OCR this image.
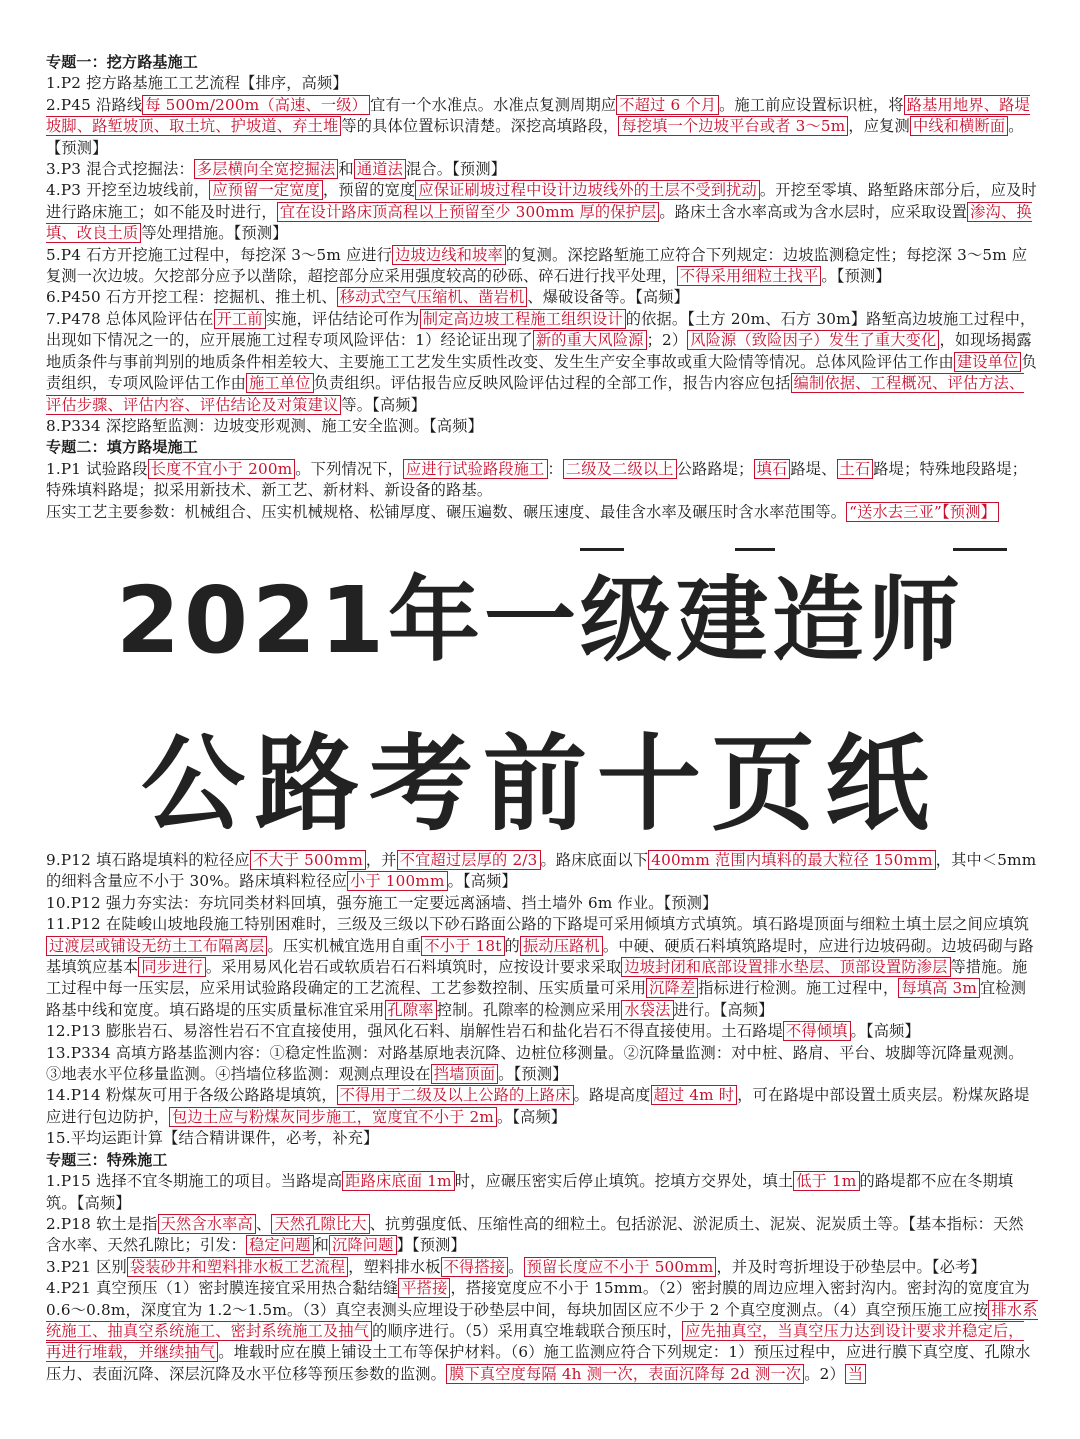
专题一：挖方路基施工

1.P2 挖方路基施工工艺流程【排序，高频】

2.P45 沿路线 每 500m/200m（高速、一级） 宜有一个水准点。水准点复测周期应 不超过 6 个月 。施工前应设置标识桩，将 路基用地界、路堤坡脚、路堑坡顶、取土坑、护坡道、弃土堆 等的具体位置标识清楚。深挖高填路段， 每挖填一个边坡平台或者 3～5m ，应复测 中线和横断面 。【预测】

3.P3 混合式挖掘法： 多层横向全宽挖掘法 和 通道法 混合。【预测】

4.P3 开挖至边坡线前， 应预留一定宽度 ，预留的宽度 应保证刷坡过程中设计边坡线外的土层不受到扰动 。开挖至零填、路堑路床部分后，应及时进行路床施工；如不能及时进行， 宜在设计路床顶高程以上预留至少 300mm 厚的保护层 。路床土含水率高或为含水层时，应采取设置 渗沟、换填、改良土质 等处理措施。【预测】

5.P4 石方开挖施工过程中，每挖深 3～5m 应进行 边坡边线和坡率 的复测。深挖路堑施工应符合下列规定：边坡监测稳定性；每挖深 3～5m 应复测一次边坡。欠挖部分应予以凿除，超挖部分应采用强度较高的砂砾、碎石进行找平处理， 不得采用细粒土找平 。【预测】

6.P450 石方开挖工程：挖掘机、推土机、 移动式空气压缩机、凿岩机 、爆破设备等。【高频】

7.P478 总体风险评估在 开工前 实施，评估结论可作为 制定高边坡工程施工组织设计 的依据。【土方 20m、石方 30m】路堑高边坡施工过程中，出现如下情况之一的，应开展施工过程专项风险评估：1）经论证出现了 新的重大风险源 ；2） 风险源（致险因子）发生了重大变化 ，如现场揭露地质条件与事前判别的地质条件相差较大、主要施工工艺发生实质性改变、发生生产安全事故或重大险情等情况。总体风险评估工作由 建设单位 负责组织，专项风险评估工作由 施工单位 负责组织。评估报告应反映风险评估过程的全部工作，报告内容应包括 编制依据、工程概况、评估方法、评估步骤、评估内容、评估结论及对策建议 等。【高频】

8.P334 深挖路堑监测：边坡变形观测、施工安全监测。【高频】

专题二：填方路堤施工

1.P1 试验路段 长度不宜小于 200m 。下列情况下， 应进行试验路段施工 ： 二级及二级以上 公路路堤； 填石 路堤、 土石 路堤；特殊地段路堤；特殊填料路堤；拟采用新技术、新工艺、新材料、新设备的路基。

压实工艺主要参数：机械组合、压实机械规格、松铺厚度、碾压遍数、碾压速度、最佳含水率及碾压时含水率范围等。 “送水去三亚”【预测】

2021年一级建造师
公路考前十页纸

9.P12 填石路堤填料的粒径应 不大于 500mm ，并 不宜超过层厚的 2/3 。路床底面以下 400mm 范围内填料的最大粒径 150mm ，其中＜5mm 的细料含量应不小于 30%。路床填料粒径应 小于 100mm 。【高频】

10.P12 强力夯实法：夯坑同类材料回填，强夯施工一定要远离涵墙、挡土墙外 6m 作业。【预测】

11.P12 在陡峻山坡地段施工特别困难时，三级及三级以下砂石路面公路的下路堤可采用倾填方式填筑。填石路堤顶面与细粒土填土层之间应填筑过渡层或铺设无纺土工布隔离层 。压实机械宜选用自重 不小于 18t 的 振动压路机 。中硬、硬质石料填筑路堤时，应进行边坡码砌。边坡码砌与路基填筑应基本 同步进行 。采用易风化岩石或软质岩石石料填筑时，应按设计要求采取 边坡封闭和底部设置排水垫层、顶部设置防渗层 等措施。施工过程中每一压实层，应采用试验路段确定的工艺流程、工艺参数控制、压实质量可采用 沉降差 指标进行检测。施工过程中， 每填高 3m 宜检测路基中线和宽度。填石路堤的压实质量标准宜采用 孔隙率 控制。孔隙率的检测应采用 水袋法 进行。【高频】

12.P13 膨胀岩石、易溶性岩石不宜直接使用，强风化石料、崩解性岩石和盐化岩石不得直接使用。土石路堤 不得倾填 。【高频】

13.P334 高填方路基监测内容：①稳定性监测：对路基原地表沉降、边桩位移测量。②沉降量监测：对中桩、路肩、平台、坡脚等沉降量观测。③地表水平位移量监测。④挡墙位移监测：观测点理设在 挡墙顶面 。【预测】

14.P14 粉煤灰可用于各级公路路堤填筑， 不得用于二级及以上公路的上路床 。路堤高度 超过 4m 时 ，可在路堤中部设置土质夹层。粉煤灰路堤应进行包边防护， 包边土应与粉煤灰同步施工，宽度宜不小于 2m 。【高频】

15.平均运距计算【结合精讲课件，必考，补充】

专题三：特殊施工

1.P15 选择不宜冬期施工的项目。当路堤高 距路床底面 1m 时，应碾压密实后停止填筑。挖填方交界处，填土 低于 1m 的路堤都不应在冬期填筑。【高频】

2.P18 软土是指 天然含水率高 、 天然孔隙比大 、抗剪强度低、压缩性高的细粒土。包括淤泥、淤泥质土、泥炭、泥炭质土等。【基本指标：天然含水率、天然孔隙比；引发： 稳定问题 和 沉降问题 】【预测】

3.P21 区别 袋装砂井和塑料排水板工艺流程 ，塑料排水板 不得搭接 。 预留长度应不小于 500mm ，并及时弯折埋设于砂垫层中。【必考】

4.P21 真空预压（1）密封膜连接宜采用热合黏结缝 平搭接 ，搭接宽度应不小于 15mm。（2）密封膜的周边应埋入密封沟内。密封沟的宽度宜为 0.6～0.8m，深度宜为 1.2～1.5m。（3）真空表测头应埋设于砂垫层中间，每块加固区应不少于 2 个真空度测点。（4）真空预压施工应按 排水系统施工、抽真空系统施工、密封系统施工及抽气 的顺序进行。（5）采用真空堆载联合预压时， 应先抽真空，当真空压力达到设计要求并稳定后，再进行堆载，并继续抽气 。堆载时应在膜上铺设土工布等保护材料。（6）施工监测应符合下列规定：1）预压过程中，应进行膜下真空度、孔隙水压力、表面沉降、深层沉降及水平位移等预压参数的监测。 膜下真空度每隔 4h 测一次，表面沉降每 2d 测一次 。2） 当
